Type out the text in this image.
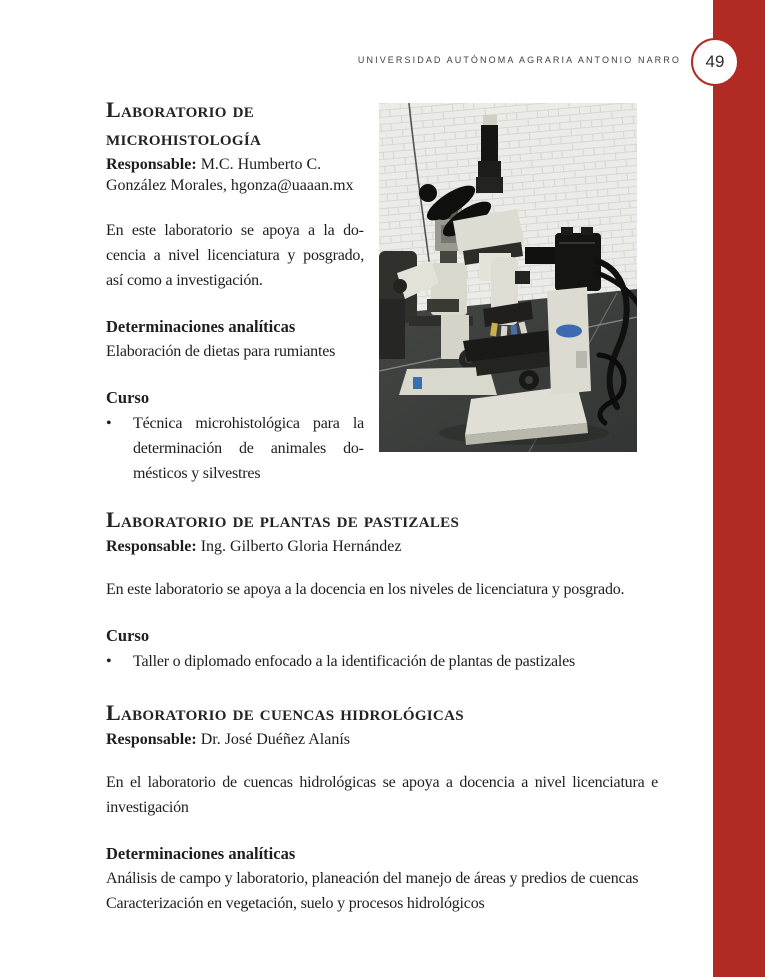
UNIVERSIDAD AUTÓNOMA AGRARIA ANTONIO NARRO 49
Laboratorio de microhistología

Responsable: M.C. Humberto C. González Morales, hgonza@uaaan.mx

En este laboratorio se apoya a la docencia a nivel licenciatura y posgrado, así como a investigación.

Determinaciones analíticas

Elaboración de dietas para rumiantes

Curso

•	Técnica microhistológica para la determinación de animales domésticos y silvestres
Laboratorio de plantas de pastizales

Responsable: Ing. Gilberto Gloria Hernández

En este laboratorio se apoya a la docencia en los niveles de licenciatura y posgrado.

Curso

•	Taller o diplomado enfocado a la identificación de plantas de pastizales
Laboratorio de cuencas hidrológicas

Responsable: Dr. José Duéñez Alanís

En el laboratorio de cuencas hidrológicas se apoya a docencia a nivel licenciatura e investigación

Determinaciones analíticas

Análisis de campo y laboratorio, planeación del manejo de áreas y predios de cuencas

Caracterización en vegetación, suelo y procesos hidrológicos
